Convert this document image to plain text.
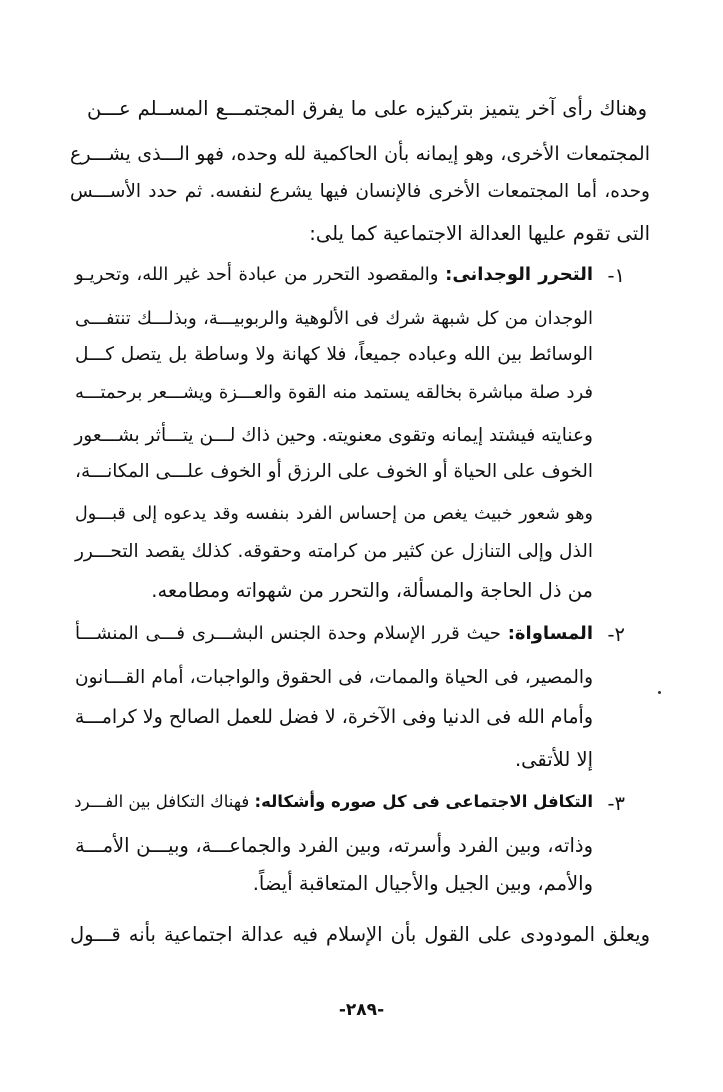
وهناك رأى آخر يتميز بتركيزه على ما يفرق المجتمـــع المســلم عـــن
المجتمعات الأخرى، وهو إيمانه بأن الحاكمية لله وحده، فهو الـــذى يشـــرع
وحده، أما المجتمعات الأخرى فالإنسان فيها يشرع لنفسه. ثم حدد الأســـس
التى تقوم عليها العدالة الاجتماعية كما يلى:
١-
التحرر الوجدانى: والمقصود التحرر من عبادة أحد غير الله، وتحريـو
الوجدان من كل شبهة شرك فى الألوهية والربوبيـــة، وبذلـــك تنتفـــى
الوسائط بين الله وعباده جميعاً، فلا كهانة ولا وساطة بل يتصل كـــل
فرد صلة مباشرة بخالقه يستمد منه القوة والعـــزة ويشـــعر برحمتـــه
وعنايته فيشتد إيمانه وتقوى معنويته. وحين ذاك لـــن يتـــأثر بشـــعور
الخوف على الحياة أو الخوف على الرزق أو الخوف علـــى المكانـــة،
وهو شعور خبيث يغص من إحساس الفرد بنفسه وقد يدعوه إلى قبـــول
الذل وإلى التنازل عن كثير من كرامته وحقوقه. كذلك يقصد التحـــرر
من ذل الحاجة والمسألة، والتحرر من شهواته ومطامعه.
٢-
المساواة: حيث قرر الإسلام وحدة الجنس البشـــرى فـــى المنشـــأ
والمصير، فى الحياة والممات، فى الحقوق والواجبات، أمام القـــانون
وأمام الله فى الدنيا وفى الآخرة، لا فضل للعمل الصالح ولا كرامـــة
إلا للأتقى.
٣-
التكافل الاجتماعى فى كل صوره وأشكاله: فهناك التكافل بين الفـــرد
وذاته، وبين الفرد وأسرته، وبين الفرد والجماعـــة، وبيـــن الأمـــة
والأمم، وبين الجيل والأجيال المتعاقبة أيضاً.
ويعلق المودودى على القول بأن الإسلام فيه عدالة اجتماعية بأنه قـــول
-٢٨٩-
